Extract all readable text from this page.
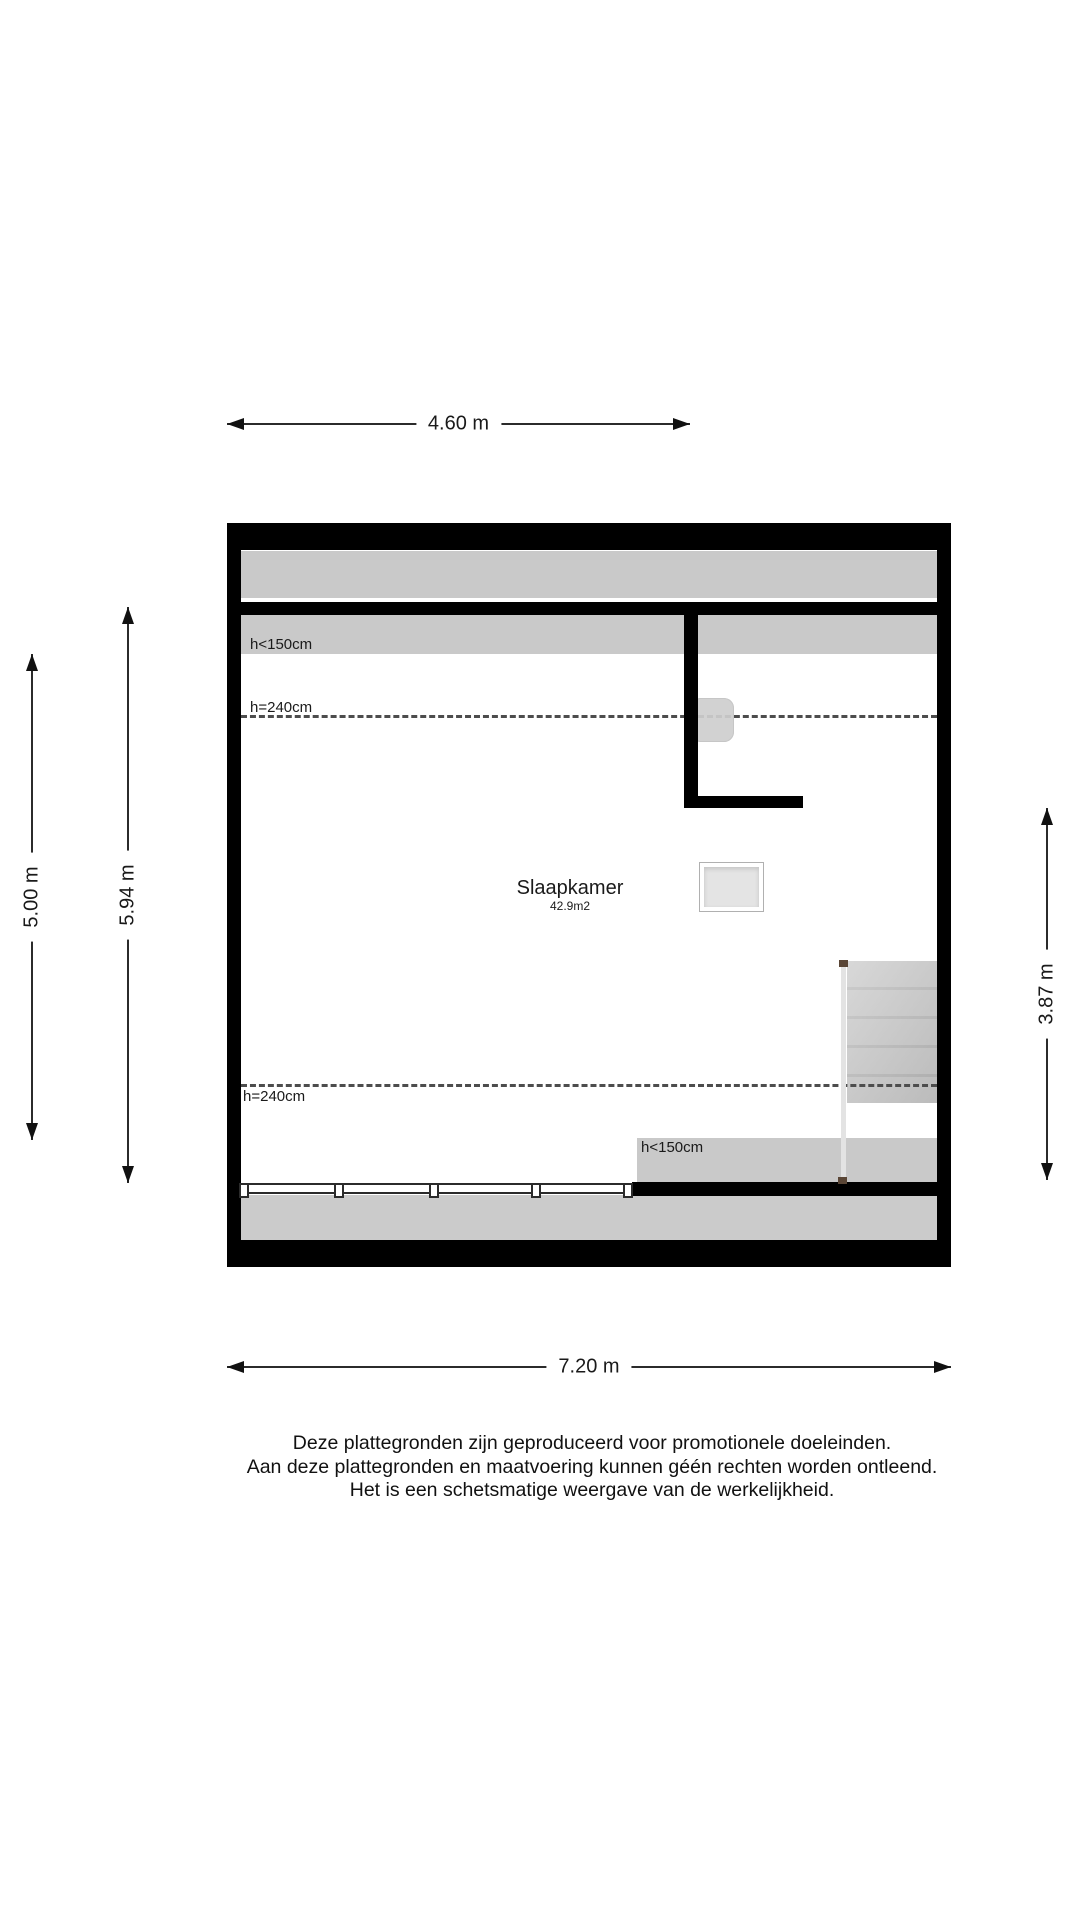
4.60 m
h<150cm
h=240cm
h=240cm
Slaapkamer
42.9m2
h<150cm
5.00 m	5.94 m
3.87 m
7.20 m
Deze plattegronden zijn geproduceerd voor promotionele doeleinden.
Aan deze plattegronden en maatvoering kunnen géén rechten worden ontleend.
Het is een schetsmatige weergave van de werkelijkheid.
